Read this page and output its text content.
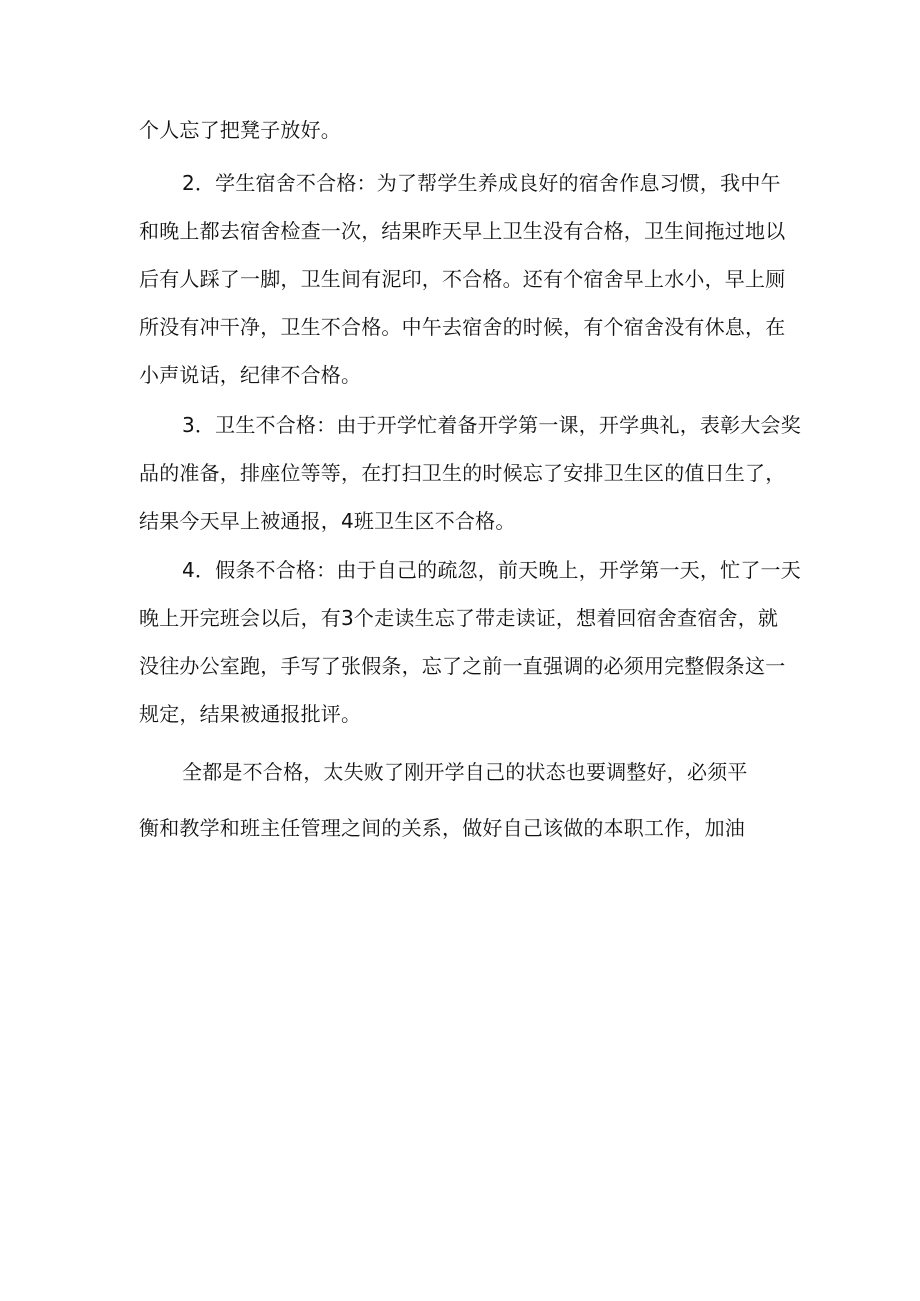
个人忘了把凳子放好。
2．学生宿舍不合格：为了帮学生养成良好的宿舍作息习惯，我中午
和晚上都去宿舍检查一次，结果昨天早上卫生没有合格，卫生间拖过地以
后有人踩了一脚，卫生间有泥印，不合格。还有个宿舍早上水小，早上厕
所没有冲干净，卫生不合格。中午去宿舍的时候，有个宿舍没有休息，在
小声说话，纪律不合格。
3．卫生不合格：由于开学忙着备开学第一课，开学典礼，表彰大会奖
品的准备，排座位等等，在打扫卫生的时候忘了安排卫生区的值日生了，
结果今天早上被通报，4班卫生区不合格。
4．假条不合格：由于自己的疏忽，前天晚上，开学第一天，忙了一天
晚上开完班会以后，有3个走读生忘了带走读证，想着回宿舍查宿舍，就
没往办公室跑，手写了张假条，忘了之前一直强调的必须用完整假条这一
规定，结果被通报批评。
全都是不合格，太失败了刚开学自己的状态也要调整好，必须平
衡和教学和班主任管理之间的关系，做好自己该做的本职工作，加油
